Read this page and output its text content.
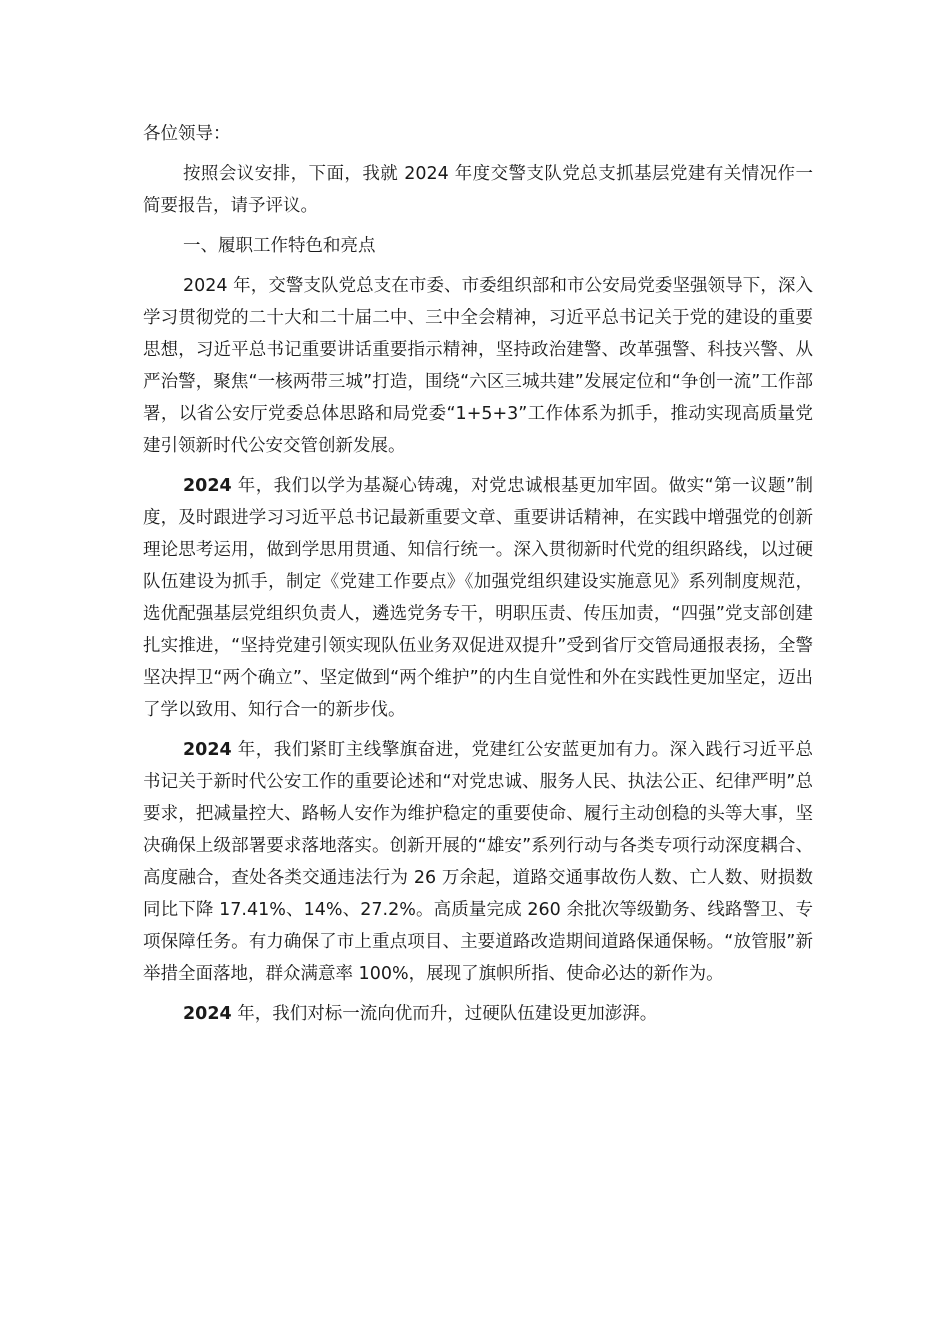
各位领导：

按照会议安排，下面，我就 2024 年度交警支队党总支抓基层党建有关情况作一简要报告，请予评议。

一、履职工作特色和亮点

2024 年，交警支队党总支在市委、市委组织部和市公安局党委坚强领导下，深入学习贯彻党的二十大和二十届二中、三中全会精神，习近平总书记关于党的建设的重要思想，习近平总书记重要讲话重要指示精神，坚持政治建警、改革强警、科技兴警、从严治警，聚焦“一核两带三城”打造，围绕“六区三城共建”发展定位和“争创一流”工作部署，以省公安厅党委总体思路和局党委“1+5+3”工作体系为抓手，推动实现高质量党建引领新时代公安交管创新发展。

2024 年，我们以学为基凝心铸魂，对党忠诚根基更加牢固。做实“第一议题”制度，及时跟进学习习近平总书记最新重要文章、重要讲话精神，在实践中增强党的创新理论思考运用，做到学思用贯通、知信行统一。深入贯彻新时代党的组织路线，以过硬队伍建设为抓手，制定《党建工作要点》《加强党组织建设实施意见》系列制度规范，选优配强基层党组织负责人，遴选党务专干，明职压责、传压加责，“四强”党支部创建扎实推进，“坚持党建引领实现队伍业务双促进双提升”受到省厅交管局通报表扬，全警坚决捍卫“两个确立”、坚定做到“两个维护”的内生自觉性和外在实践性更加坚定，迈出了学以致用、知行合一的新步伐。

2024 年，我们紧盯主线擎旗奋进，党建红公安蓝更加有力。深入践行习近平总书记关于新时代公安工作的重要论述和“对党忠诚、服务人民、执法公正、纪律严明”总要求，把减量控大、路畅人安作为维护稳定的重要使命、履行主动创稳的头等大事，坚决确保上级部署要求落地落实。创新开展的“雄安”系列行动与各类专项行动深度耦合、高度融合，查处各类交通违法行为 26 万余起，道路交通事故伤人数、亡人数、财损数同比下降 17.41%、14%、27.2%。高质量完成 260 余批次等级勤务、线路警卫、专项保障任务。有力确保了市上重点项目、主要道路改造期间道路保通保畅。“放管服”新举措全面落地，群众满意率 100%，展现了旗帜所指、使命必达的新作为。

2024 年，我们对标一流向优而升，过硬队伍建设更加澎湃。
